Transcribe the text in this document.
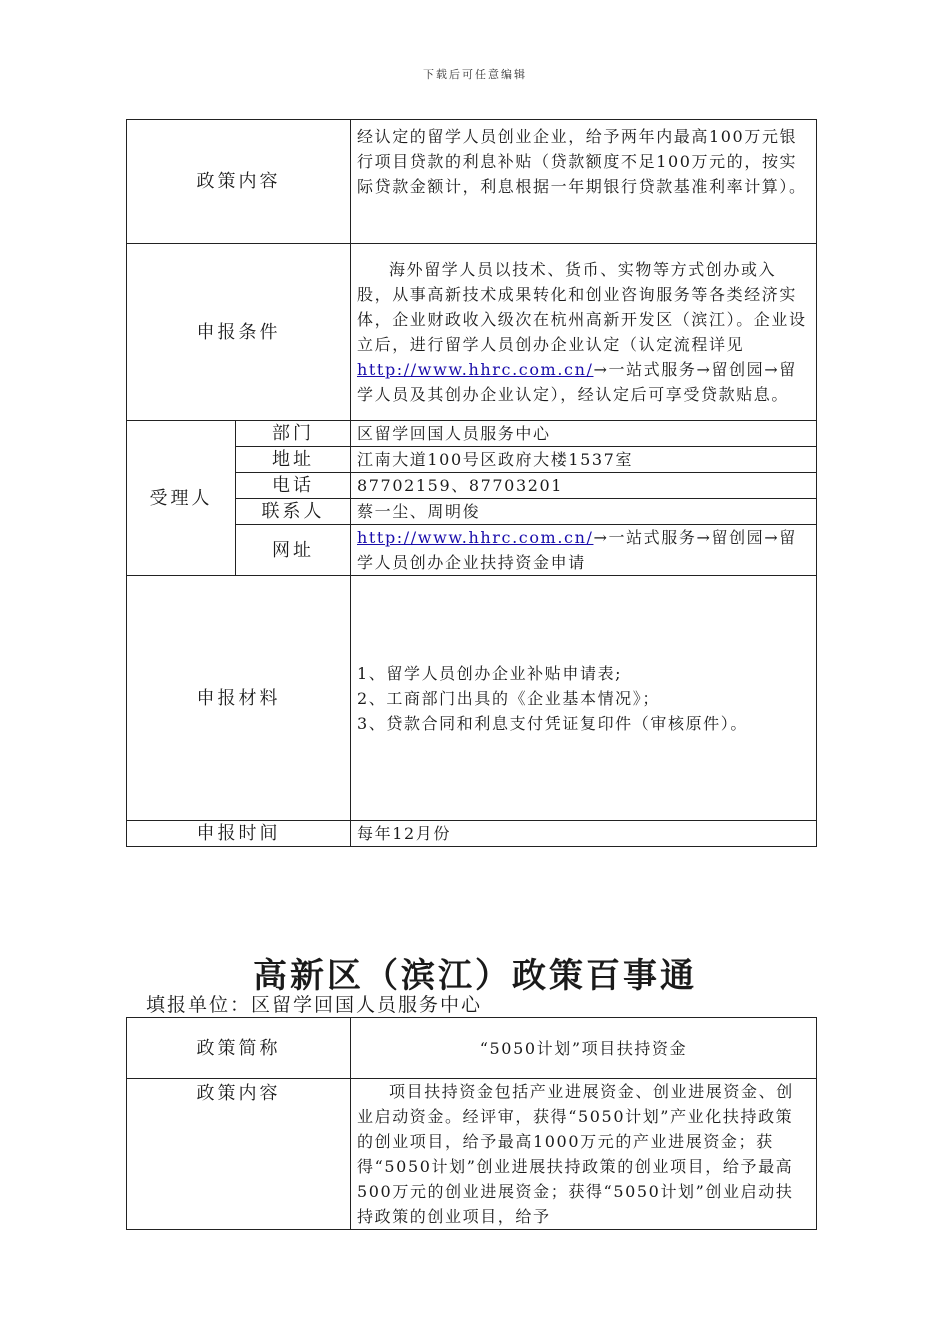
下载后可任意编辑
政策内容		经认定的留学人员创业企业，给予两年内最高100万元银行项目贷款的利息补贴（贷款额度不足100万元的，按实际贷款金额计，利息根据一年期银行贷款基准利率计算）。
申报条件		海外留学人员以技术、货币、实物等方式创办或入股，从事高新技术成果转化和创业咨询服务等各类经济实体，企业财政收入级次在杭州高新开发区（滨江）。企业设立后，进行留学人员创办企业认定（认定流程详见http://www.hhrc.com.cn/→一站式服务→留创园→留学人员及其创办企业认定），经认定后可享受贷款贴息。
受理人	部门	区留学回国人员服务中心
	地址	江南大道100号区政府大楼1537室
	电话	87702159、87703201
	联系人	蔡一尘、周明俊
	网址	http://www.hhrc.com.cn/→一站式服务→留创园→留学人员创办企业扶持资金申请
申报材料		1、留学人员创办企业补贴申请表;
2、工商部门出具的《企业基本情况》；
3、贷款合同和利息支付凭证复印件（审核原件）。

申报时间		每年12月份
高新区（滨江）政策百事通
填报单位：区留学回国人员服务中心
政策简称	“5050计划”项目扶持资金
政策内容	项目扶持资金包括产业进展资金、创业进展资金、创业启动资金。经评审，获得“5050计划”产业化扶持政策的创业项目，给予最高1000万元的产业进展资金；获得“5050计划”创业进展扶持政策的创业项目，给予最高500万元的创业进展资金；获得“5050计划”创业启动扶持政策的创业项目，给予
